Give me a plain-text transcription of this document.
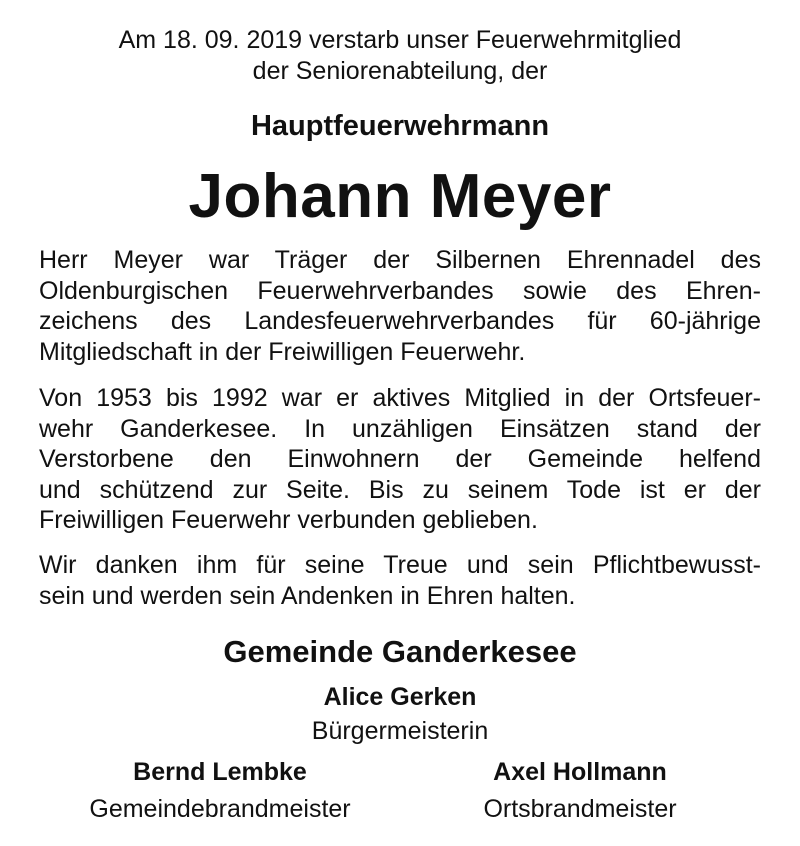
Am 18. 09. 2019 verstarb unser Feuerwehrmitglied
der Seniorenabteilung, der
Hauptfeuerwehrmann
Johann Meyer
Herr Meyer war Träger der Silbernen Ehrennadel des
Oldenburgischen Feuerwehrverbandes sowie des Ehren-
zeichens des Landesfeuerwehrverbandes für 60-jährige
Mitgliedschaft in der Freiwilligen Feuerwehr.
Von 1953 bis 1992 war er aktives Mitglied in der Ortsfeuer-
wehr Ganderkesee. In unzähligen Einsätzen stand der
Verstorbene den Einwohnern der Gemeinde helfend
und schützend zur Seite. Bis zu seinem Tode ist er der
Freiwilligen Feuerwehr verbunden geblieben.
Wir danken ihm für seine Treue und sein Pflichtbewusst-
sein und werden sein Andenken in Ehren halten.
Gemeinde Ganderkesee
Alice Gerken
Bürgermeisterin
Bernd Lembke
Gemeindebrandmeister
Axel Hollmann
Ortsbrandmeister
